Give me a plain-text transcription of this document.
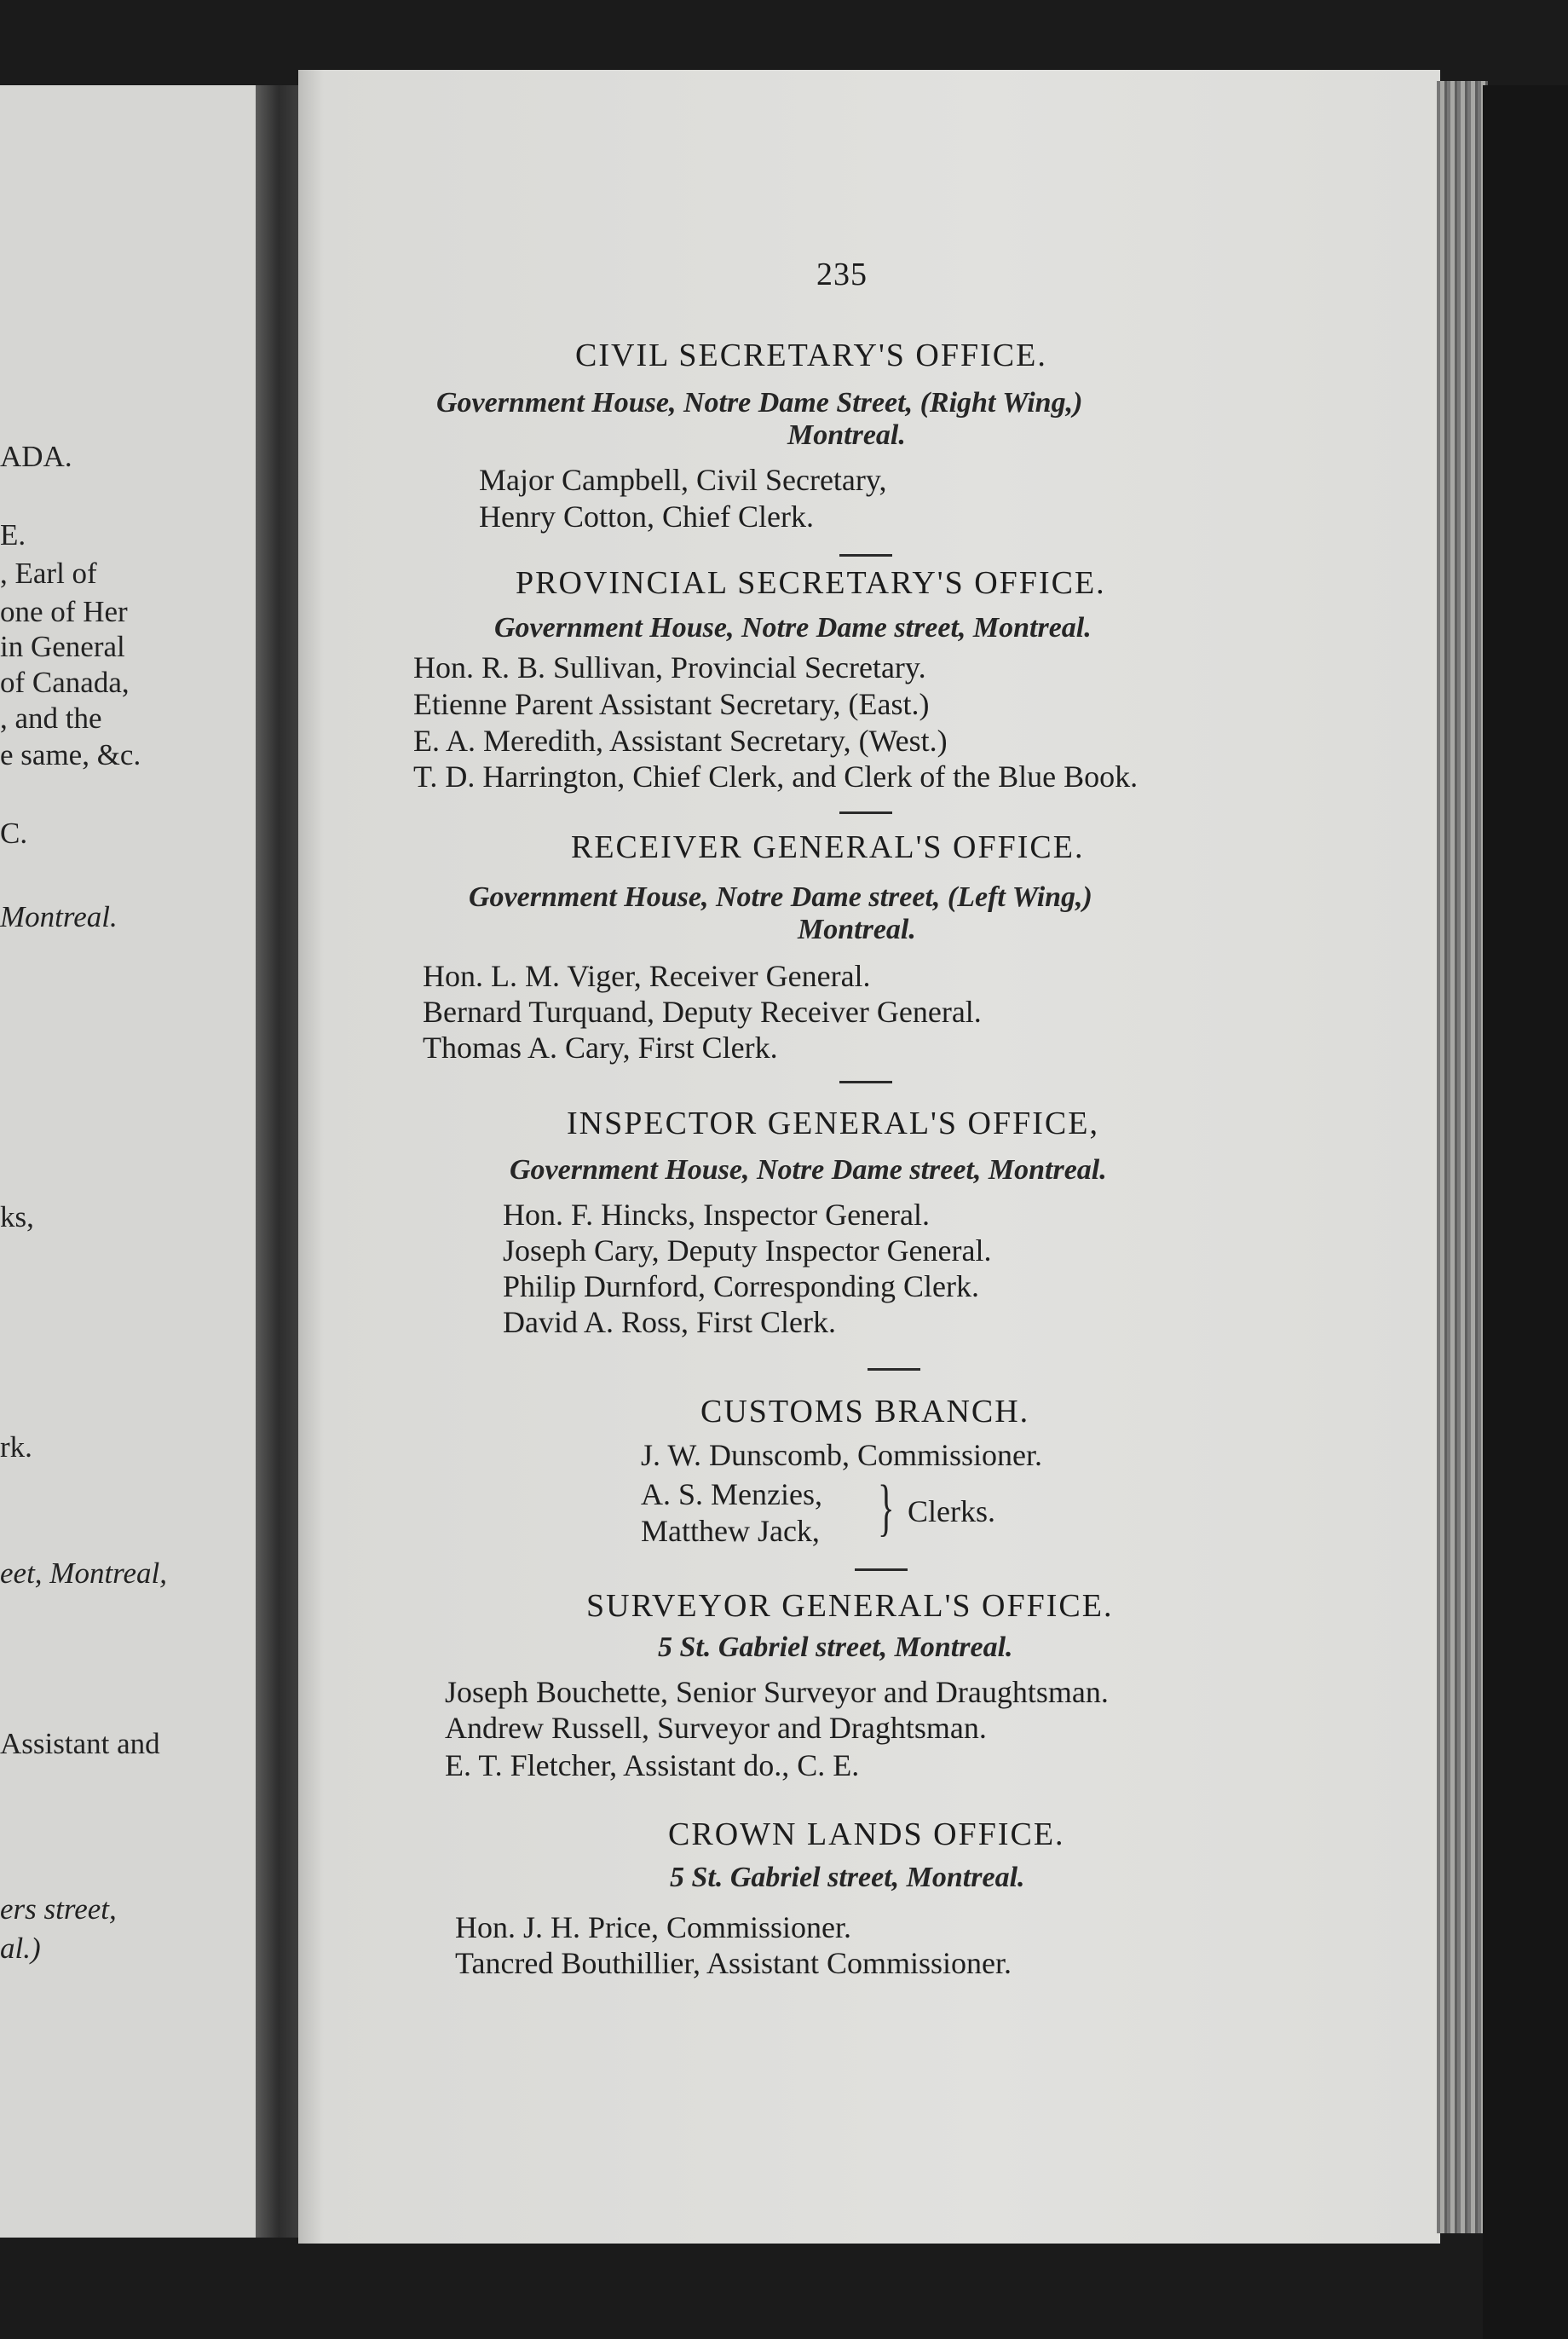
ADA.
E.
, Earl of
one of Her
in General
of Canada,
, and the
e same, &c.
C.
Montreal.
ks,
rk.
eet, Montreal,
Assistant and
ers street,
al.)
235
CIVIL SECRETARY'S OFFICE.
Government House, Notre Dame Street, (Right Wing,)
Montreal.
Major Campbell, Civil Secretary,
Henry Cotton, Chief Clerk.
PROVINCIAL SECRETARY'S OFFICE.
Government House, Notre Dame street, Montreal.
Hon. R. B. Sullivan, Provincial Secretary.
Etienne Parent Assistant Secretary, (East.)
E. A. Meredith, Assistant Secretary, (West.)
T. D. Harrington, Chief Clerk, and Clerk of the Blue Book.
RECEIVER GENERAL'S OFFICE.
Government House, Notre Dame street, (Left Wing,)
Montreal.
Hon. L. M. Viger, Receiver General.
Bernard Turquand, Deputy Receiver General.
Thomas A. Cary, First Clerk.
INSPECTOR GENERAL'S OFFICE,
Government House, Notre Dame street, Montreal.
Hon. F. Hincks, Inspector General.
Joseph Cary, Deputy Inspector General.
Philip Durnford, Corresponding Clerk.
David A. Ross, First Clerk.
CUSTOMS BRANCH.
J. W. Dunscomb, Commissioner.
A. S. Menzies,
Matthew Jack, } Clerks.
SURVEYOR GENERAL'S OFFICE.
5 St. Gabriel street, Montreal.
Joseph Bouchette, Senior Surveyor and Draughtsman.
Andrew Russell, Surveyor and Draghtsman.
E. T. Fletcher, Assistant do., C. E.
CROWN LANDS OFFICE.
5 St. Gabriel street, Montreal.
Hon. J. H. Price, Commissioner.
Tancred Bouthillier, Assistant Commissioner.
